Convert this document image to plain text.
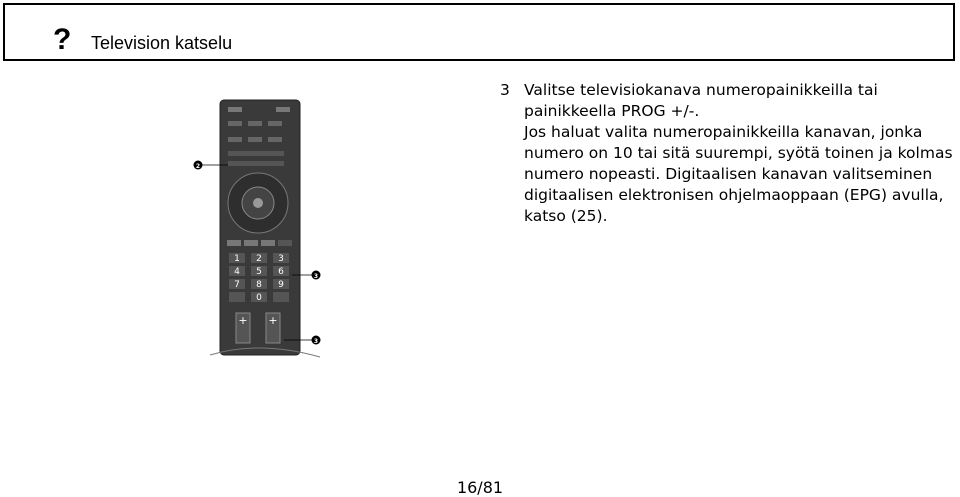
? Television katselu
1 2 3
4 5 6
7 8 9
0
+ +
2
3
3
3 Valitse televisiokanava numeropainikkeilla tai painikkeella PROG +/-.

Jos haluat valita numeropainikkeilla kanavan, jonka numero on 10 tai sitä suurempi, syötä toinen ja kolmas numero nopeasti. Digitaalisen kanavan valitseminen digitaalisen elektronisen ohjelmaoppaan (EPG) avulla, katso (25).

16/81
